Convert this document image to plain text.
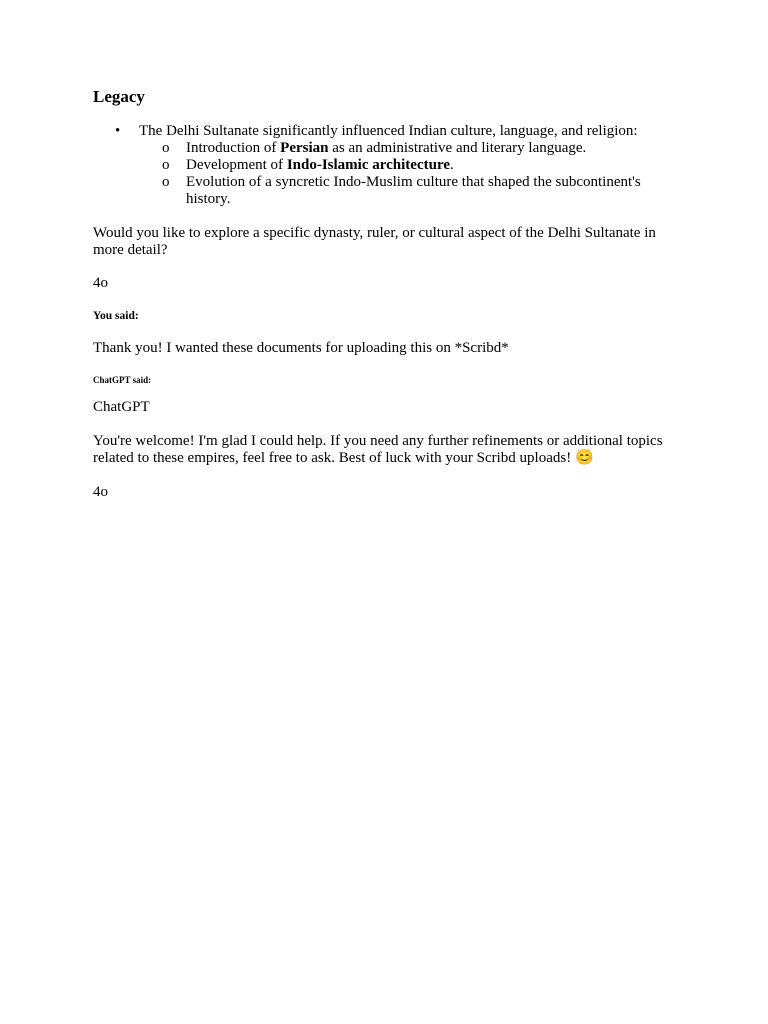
Legacy
• The Delhi Sultanate significantly influenced Indian culture, language, and religion:
o Introduction of Persian as an administrative and literary language.
o Development of Indo-Islamic architecture.
o Evolution of a syncretic Indo-Muslim culture that shaped the subcontinent's history.

Would you like to explore a specific dynasty, ruler, or cultural aspect of the Delhi Sultanate in more detail?

4o

You said:

Thank you! I wanted these documents for uploading this on *Scribd*

ChatGPT said:

ChatGPT

You're welcome! I'm glad I could help. If you need any further refinements or additional topics related to these empires, feel free to ask. Best of luck with your Scribd uploads! 😊

4o
